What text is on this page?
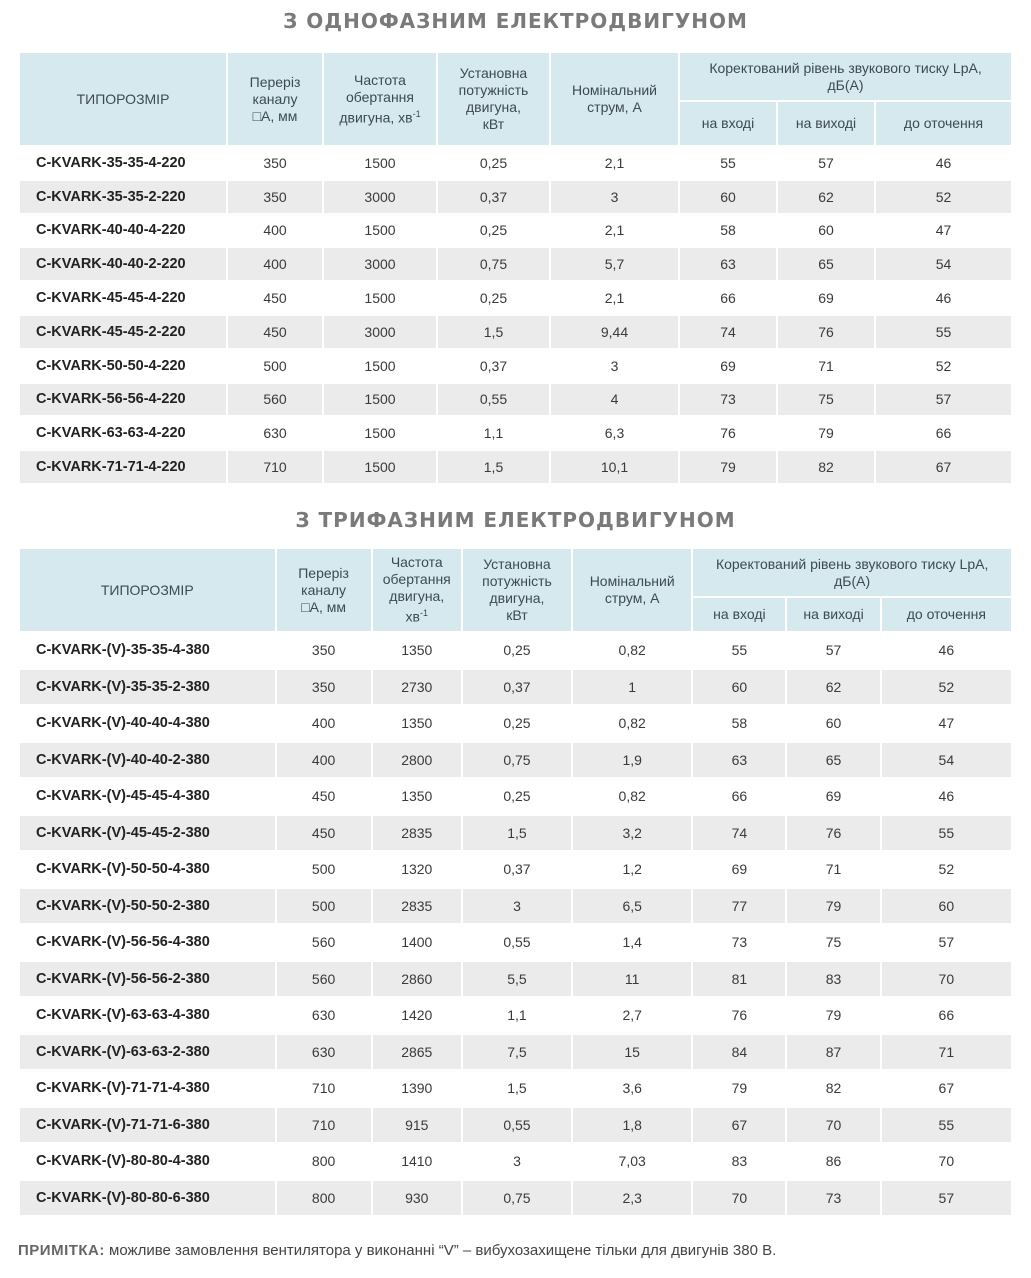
З ОДНОФАЗНИМ ЕЛЕКТРОДВИГУНОМ
ТИПОРОЗМІР	Переріз
каналу
□А, мм	Частота
обертання
двигуна, $хв^{-1}$	Установна
потужність
двигуна,
кВт	Номінальний
струм, А	Коректований рівень звукового тиску LpA,
дБ(А)		
					на вході	на виході	до оточення
C-KVARK-35-35-4-220	350	1500	0,25	2,1	55	57	46
C-KVARK-35-35-2-220	350	3000	0,37	3	60	62	52
C-KVARK-40-40-4-220	400	1500	0,25	2,1	58	60	47
C-KVARK-40-40-2-220	400	3000	0,75	5,7	63	65	54
C-KVARK-45-45-4-220	450	1500	0,25	2,1	66	69	46
C-KVARK-45-45-2-220	450	3000	1,5	9,44	74	76	55
C-KVARK-50-50-4-220	500	1500	0,37	3	69	71	52
C-KVARK-56-56-4-220	560	1500	0,55	4	73	75	57
C-KVARK-63-63-4-220	630	1500	1,1	6,3	76	79	66
C-KVARK-71-71-4-220	710	1500	1,5	10,1	79	82	67
З ТРИФАЗНИМ ЕЛЕКТРОДВИГУНОМ
ТИПОРОЗМІР	Переріз
каналу
□А, мм	Частота
обертання
двигуна,
$хв^{-1}$	Установна
потужність
двигуна,
кВт	Номінальний
струм, А	Коректований рівень звукового тиску LpA,
дБ(А)		
					на вході	на виході	до оточення
C-KVARK-(V)-35-35-4-380	350	1350	0,25	0,82	55	57	46
C-KVARK-(V)-35-35-2-380	350	2730	0,37	1	60	62	52
C-KVARK-(V)-40-40-4-380	400	1350	0,25	0,82	58	60	47
C-KVARK-(V)-40-40-2-380	400	2800	0,75	1,9	63	65	54
C-KVARK-(V)-45-45-4-380	450	1350	0,25	0,82	66	69	46
C-KVARK-(V)-45-45-2-380	450	2835	1,5	3,2	74	76	55
C-KVARK-(V)-50-50-4-380	500	1320	0,37	1,2	69	71	52
C-KVARK-(V)-50-50-2-380	500	2835	3	6,5	77	79	60
C-KVARK-(V)-56-56-4-380	560	1400	0,55	1,4	73	75	57
C-KVARK-(V)-56-56-2-380	560	2860	5,5	11	81	83	70
C-KVARK-(V)-63-63-4-380	630	1420	1,1	2,7	76	79	66
C-KVARK-(V)-63-63-2-380	630	2865	7,5	15	84	87	71
C-KVARK-(V)-71-71-4-380	710	1390	1,5	3,6	79	82	67
C-KVARK-(V)-71-71-6-380	710	915	0,55	1,8	67	70	55
C-KVARK-(V)-80-80-4-380	800	1410	3	7,03	83	86	70
C-KVARK-(V)-80-80-6-380	800	930	0,75	2,3	70	73	57
ПРИМІТКА: можливе замовлення вентилятора у виконанні “V” – вибухозахищене тільки для двигунів 380 В.
